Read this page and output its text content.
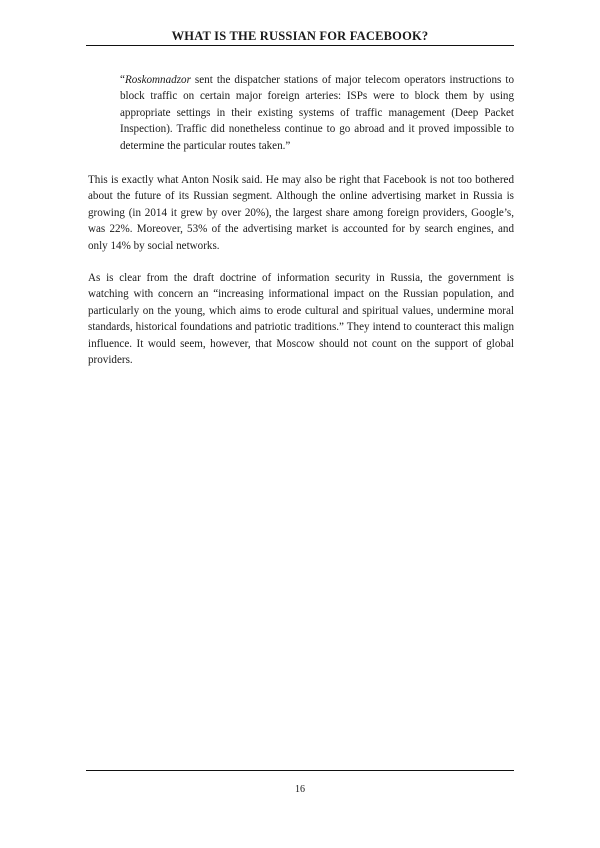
WHAT IS THE RUSSIAN FOR FACEBOOK?

“Roskomnadzor sent the dispatcher stations of major telecom operators instructions to block traffic on certain major foreign arteries: ISPs were to block them by using appropriate settings in their existing systems of traffic management (Deep Packet Inspection). Traffic did nonetheless continue to go abroad and it proved impossible to determine the particular routes taken.”

This is exactly what Anton Nosik said. He may also be right that Facebook is not too bothered about the future of its Russian segment. Although the online advertising market in Russia is growing (in 2014 it grew by over 20%), the largest share among foreign providers, Google’s, was 22%. Moreover, 53% of the advertising market is accounted for by search engines, and only 14% by social networks.

As is clear from the draft doctrine of information security in Russia, the government is watching with concern an “increasing informational impact on the Russian population, and particularly on the young, which aims to erode cultural and spiritual values, undermine moral standards, historical foundations and patriotic traditions.” They intend to counteract this malign influence. It would seem, however, that Moscow should not count on the support of global providers.

16
